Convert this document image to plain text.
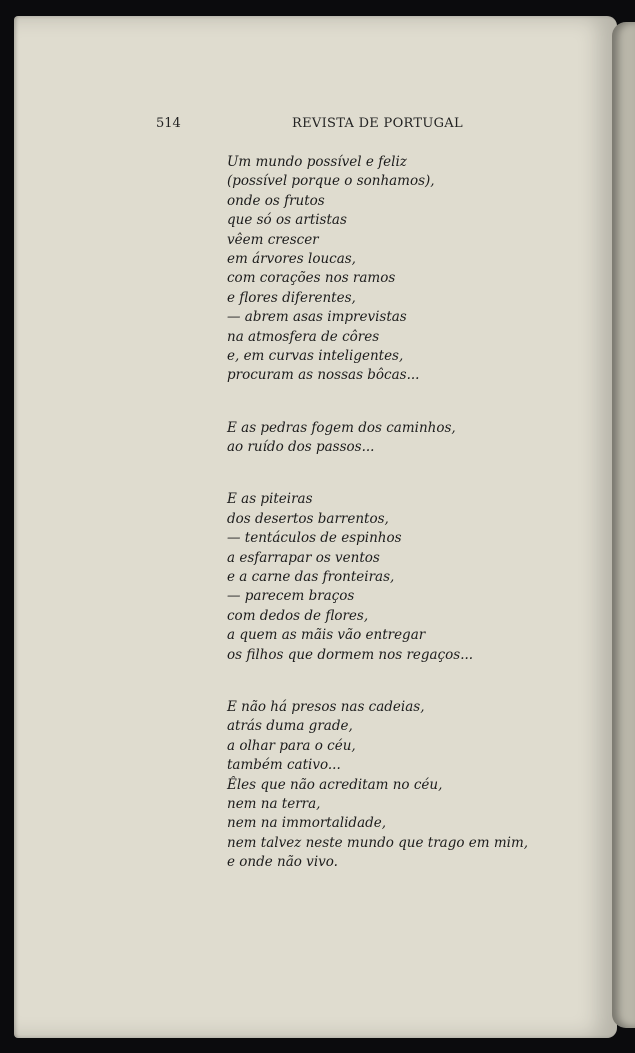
514	REVISTA DE PORTUGAL
Um mundo possível e feliz
(possível porque o sonhamos),
onde os frutos
que só os artistas
vêem crescer
em árvores loucas,
com corações nos ramos
e flores diferentes,
— abrem asas imprevistas
na atmosfera de côres
e, em curvas inteligentes,
procuram as nossas bôcas...
E as pedras fogem dos caminhos,
ao ruído dos passos...
E as piteiras
dos desertos barrentos,
— tentáculos de espinhos
a esfarrapar os ventos
e a carne das fronteiras,
— parecem braços
com dedos de flores,
a quem as mãis vão entregar
os filhos que dormem nos regaços...
E não há presos nas cadeias,
atrás duma grade,
a olhar para o céu,
também cativo...
Êles que não acreditam no céu,
nem na terra,
nem na immortalidade,
nem talvez neste mundo que trago em mim,
e onde não vivo.
